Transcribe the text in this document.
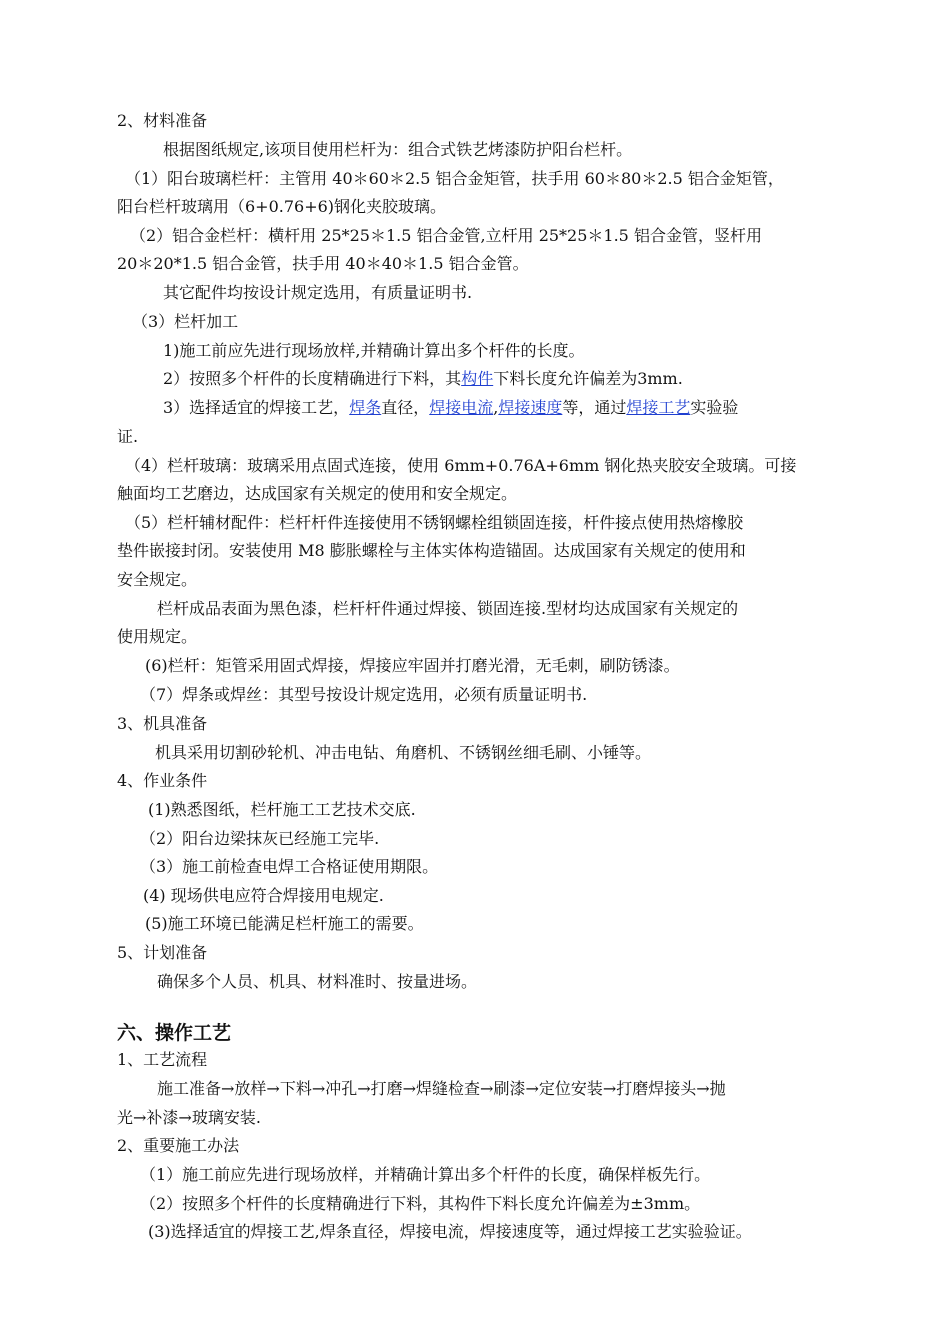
2、材料准备
根据图纸规定,该项目使用栏杆为：组合式铁艺烤漆防护阳台栏杆。
（1）阳台玻璃栏杆：主管用 40＊60＊2.5 铝合金矩管，扶手用 60＊80＊2.5 铝合金矩管，
阳台栏杆玻璃用（6+0.76+6)钢化夹胶玻璃。
（2）铝合金栏杆：横杆用 25*25＊1.5 铝合金管,立杆用 25*25＊1.5 铝合金管，竖杆用
20＊20*1.5 铝合金管，扶手用 40＊40＊1.5 铝合金管。
其它配件均按设计规定选用，有质量证明书.
（3）栏杆加工
1)施工前应先进行现场放样,并精确计算出多个杆件的长度。
2）按照多个杆件的长度精确进行下料，其构件下料长度允许偏差为3mm.
3）选择适宜的焊接工艺，焊条直径，焊接电流,焊接速度等，通过焊接工艺实验验
证.
（4）栏杆玻璃：玻璃采用点固式连接，使用 6mm+0.76A+6mm 钢化热夹胶安全玻璃。可接
触面均工艺磨边，达成国家有关规定的使用和安全规定。
（5）栏杆辅材配件：栏杆杆件连接使用不锈钢螺栓组锁固连接，杆件接点使用热熔橡胶
垫件嵌接封闭。安装使用 M8 膨胀螺栓与主体实体构造锚固。达成国家有关规定的使用和
安全规定。
栏杆成品表面为黑色漆，栏杆杆件通过焊接、锁固连接.型材均达成国家有关规定的
使用规定。
(6)栏杆：矩管采用固式焊接，焊接应牢固并打磨光滑，无毛刺，刷防锈漆。
（7）焊条或焊丝：其型号按设计规定选用，必须有质量证明书.
3、机具准备
机具采用切割砂轮机、冲击电钻、角磨机、不锈钢丝细毛刷、小锤等。
4、作业条件
(1)熟悉图纸，栏杆施工工艺技术交底.
（2）阳台边梁抹灰已经施工完毕.
（3）施工前检查电焊工合格证使用期限。
(4) 现场供电应符合焊接用电规定.
(5)施工环境已能满足栏杆施工的需要。
5、计划准备
确保多个人员、机具、材料准时、按量进场。
六、操作工艺
1、工艺流程
施工准备→放样→下料→冲孔→打磨→焊缝检查→刷漆→定位安装→打磨焊接头→抛
光→补漆→玻璃安装.
2、重要施工办法
（1）施工前应先进行现场放样，并精确计算出多个杆件的长度，确保样板先行。
（2）按照多个杆件的长度精确进行下料，其构件下料长度允许偏差为±3mm。
(3)选择适宜的焊接工艺,焊条直径，焊接电流，焊接速度等，通过焊接工艺实验验证。
